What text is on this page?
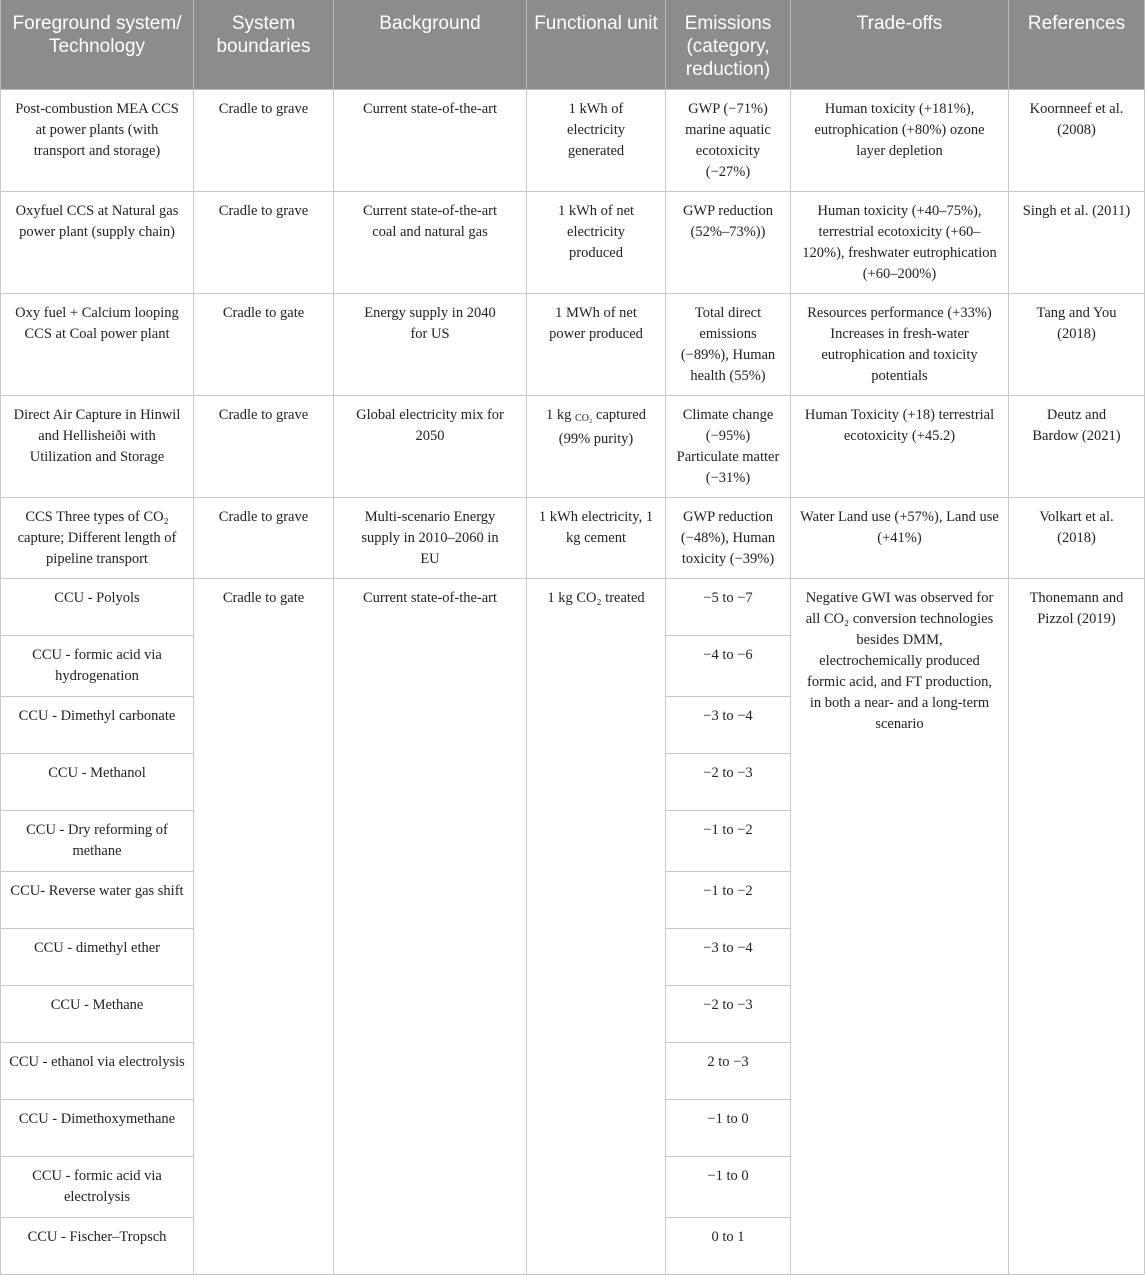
Foreground system/ Technology	System boundaries	Background	Functional unit	Emissions (category, reduction)	Trade-offs	References
Post-combustion MEA CCS at power plants (with transport and storage)	Cradle to grave	Current state-of-the-art	1 kWh of electricity generated	GWP (−71%) marine aquatic ecotoxicity (−27%)	Human toxicity (+181%), eutrophication (+80%) ozone layer depletion	Koornneef et al. (2008)
Oxyfuel CCS at Natural gas power plant (supply chain)	Cradle to grave	Current state-of-the-art coal and natural gas	1 kWh of net electricity produced	GWP reduction (52%–73%))	Human toxicity (+40–75%), terrestrial ecotoxicity (+60–120%), freshwater eutrophication (+60–200%)	Singh et al. (2011)
Oxy fuel + Calcium looping CCS at Coal power plant	Cradle to gate	Energy supply in 2040 for US	1 MWh of net power produced	Total direct emissions (−89%), Human health (55%)	Resources performance (+33%) Increases in fresh-water eutrophication and toxicity potentials	Tang and You (2018)
Direct Air Capture in Hinwil and Hellisheiði with Utilization and Storage	Cradle to grave	Global electricity mix for 2050	1 kg $_{CO_2}$ captured (99% purity)	Climate change (−95%) Particulate matter (−31%)	Human Toxicity (+18) terrestrial ecotoxicity (+45.2)	Deutz and Bardow (2021)
CCS Three types of CO₂ capture; Different length of pipeline transport	Cradle to grave	Multi-scenario Energy supply in 2010–2060 in EU	1 kWh electricity, 1 kg cement	GWP reduction (−48%), Human toxicity (−39%)	Water Land use (+57%), Land use (+41%)	Volkart et al. (2018)
CCU - Polyols	Cradle to gate	Current state-of-the-art	1 kg CO₂ treated	−5 to −7	Negative GWI was observed for all CO₂ conversion technologies besides DMM, electrochemically produced formic acid, and FT production, in both a near- and a long-term scenario	Thonemann and Pizzol (2019)
CCU - formic acid via hydrogenation				−4 to −6		
CCU - Dimethyl carbonate				−3 to −4		
CCU - Methanol				−2 to −3		
CCU - Dry reforming of methane				−1 to −2		
CCU- Reverse water gas shift				−1 to −2		
CCU - dimethyl ether				−3 to −4		
CCU - Methane				−2 to −3		
CCU - ethanol via electrolysis				2 to −3		
CCU - Dimethoxymethane				−1 to 0		
CCU - formic acid via electrolysis				−1 to 0		
CCU - Fischer–Tropsch				0 to 1		
